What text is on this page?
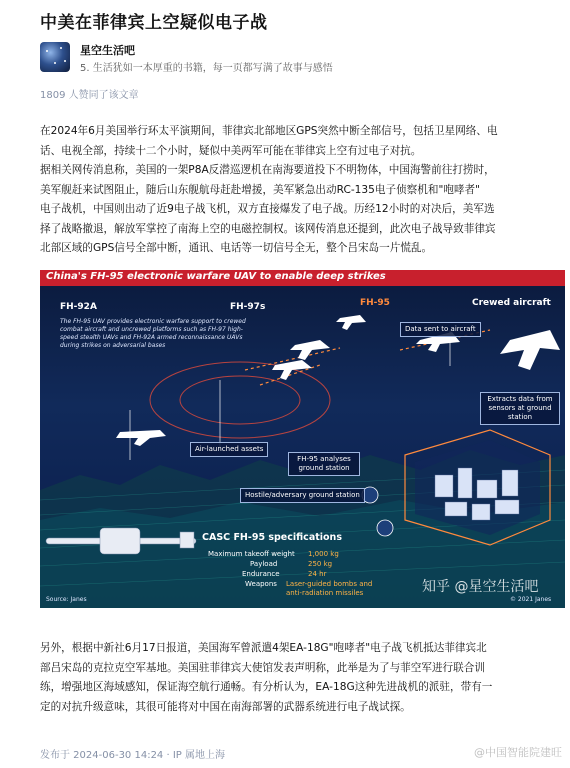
中美在菲律宾上空疑似电子战
星空生活吧
5. 生活犹如一本厚重的书籍，每一页都写满了故事与感悟
1809 人赞同了该文章

在2024年6月美国举行环太平演期间，菲律宾北部地区GPS突然中断全部信号，包括卫星网络、电

话、电视全部，持续十二个小时，疑似中美两军可能在菲律宾上空有过电子对抗。

据相关网传消息称，美国的一架P8A反潜巡逻机在南海要道投下不明物体，中国海警前往打捞时，

美军舰赶来试图阻止，随后山东舰航母赶赴增援，美军紧急出动RC-135电子侦察机和"咆哮者"

电子战机，中国则出动了近9电子战飞机，双方直接爆发了电子战。历经12小时的对决后，美军选

择了战略撤退，解放军掌控了南海上空的电磁控制权。该网传消息还提到，此次电子战导致菲律宾

北部区域的GPS信号全部中断，通讯、电话等一切信号全无，整个吕宋岛一片慌乱。

China's FH-95 electronic warfare UAV to enable deep strikes
FH-92A	FH-97s	FH-95	Crewed aircraft
The FH-95 UAV provides electronic warfare support to crewed combat aircraft and uncrewed platforms such as FH-97 high-speed stealth UAVs and FH-92A armed reconnaissance UAVs during strikes on adversarial bases
Data sent to aircraft
Extracts data from sensors at ground station
Air-launched assets
FH-95 analyses ground station
Hostile/adversary ground station
CASC FH-95 specifications
Maximum takeoff weight 1,000 kg
Payload	250 kg
Endurance	24 hr
Weapons Laser-guided bombs and anti-radiation missiles
Source: Janes	© 2021 Janes
知乎 @星空生活吧

另外，根据中新社6月17日报道，美国海军曾派遣4架EA-18G"咆哮者"电子战飞机抵达菲律宾北

部吕宋岛的克拉克空军基地。美国驻菲律宾大使馆发表声明称，此举是为了与菲空军进行联合训

练，增强地区海域感知，保证海空航行通畅。有分析认为，EA-18G这种先进战机的派驻，带有一

定的对抗升级意味，其很可能将对中国在南海部署的武器系统进行电子战试探。

发布于 2024-06-30 14:24 · IP 属地上海	@中国智能院建旺
